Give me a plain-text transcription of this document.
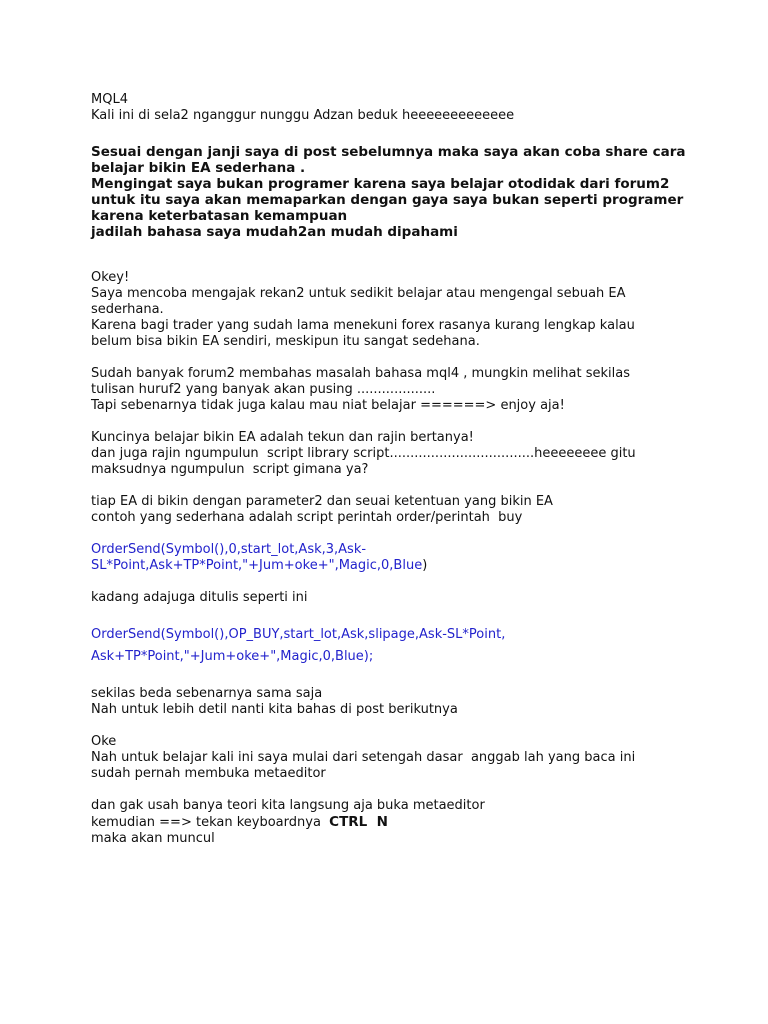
MQL4
Kali ini di sela2 nganggur nunggu Adzan beduk heeeeeeeeeeeee
Sesuai dengan janji saya di post sebelumnya maka saya akan coba share cara
belajar bikin EA sederhana .
Mengingat saya bukan programer karena saya belajar otodidak dari forum2
untuk itu saya akan memaparkan dengan gaya saya bukan seperti programer
karena keterbatasan kemampuan
jadilah bahasa saya mudah2an mudah dipahami
Okey!
Saya mencoba mengajak rekan2 untuk sedikit belajar atau mengengal sebuah EA
sederhana.
Karena bagi trader yang sudah lama menekuni forex rasanya kurang lengkap kalau
belum bisa bikin EA sendiri, meskipun itu sangat sedehana.
Sudah banyak forum2 membahas masalah bahasa mql4 , mungkin melihat sekilas
tulisan huruf2 yang banyak akan pusing ...................
Tapi sebenarnya tidak juga kalau mau niat belajar ======> enjoy aja!
Kuncinya belajar bikin EA adalah tekun dan rajin bertanya!
dan juga rajin ngumpulun  script library script...................................heeeeeeee gitu
maksudnya ngumpulun  script gimana ya?
tiap EA di bikin dengan parameter2 dan seuai ketentuan yang bikin EA
contoh yang sederhana adalah script perintah order/perintah  buy
OrderSend(Symbol(),0,start_lot,Ask,3,Ask-
SL*Point,Ask+TP*Point,"+Jum+oke+",Magic,0,Blue)
kadang adajuga ditulis seperti ini
OrderSend(Symbol(),OP_BUY,start_lot,Ask,slipage,Ask-SL*Point,
Ask+TP*Point,"+Jum+oke+",Magic,0,Blue);
sekilas beda sebenarnya sama saja
Nah untuk lebih detil nanti kita bahas di post berikutnya
Oke
Nah untuk belajar kali ini saya mulai dari setengah dasar  anggab lah yang baca ini
sudah pernah membuka metaeditor
dan gak usah banya teori kita langsung aja buka metaeditor
kemudian ==> tekan keyboardnya  CTRL  N
maka akan muncul
